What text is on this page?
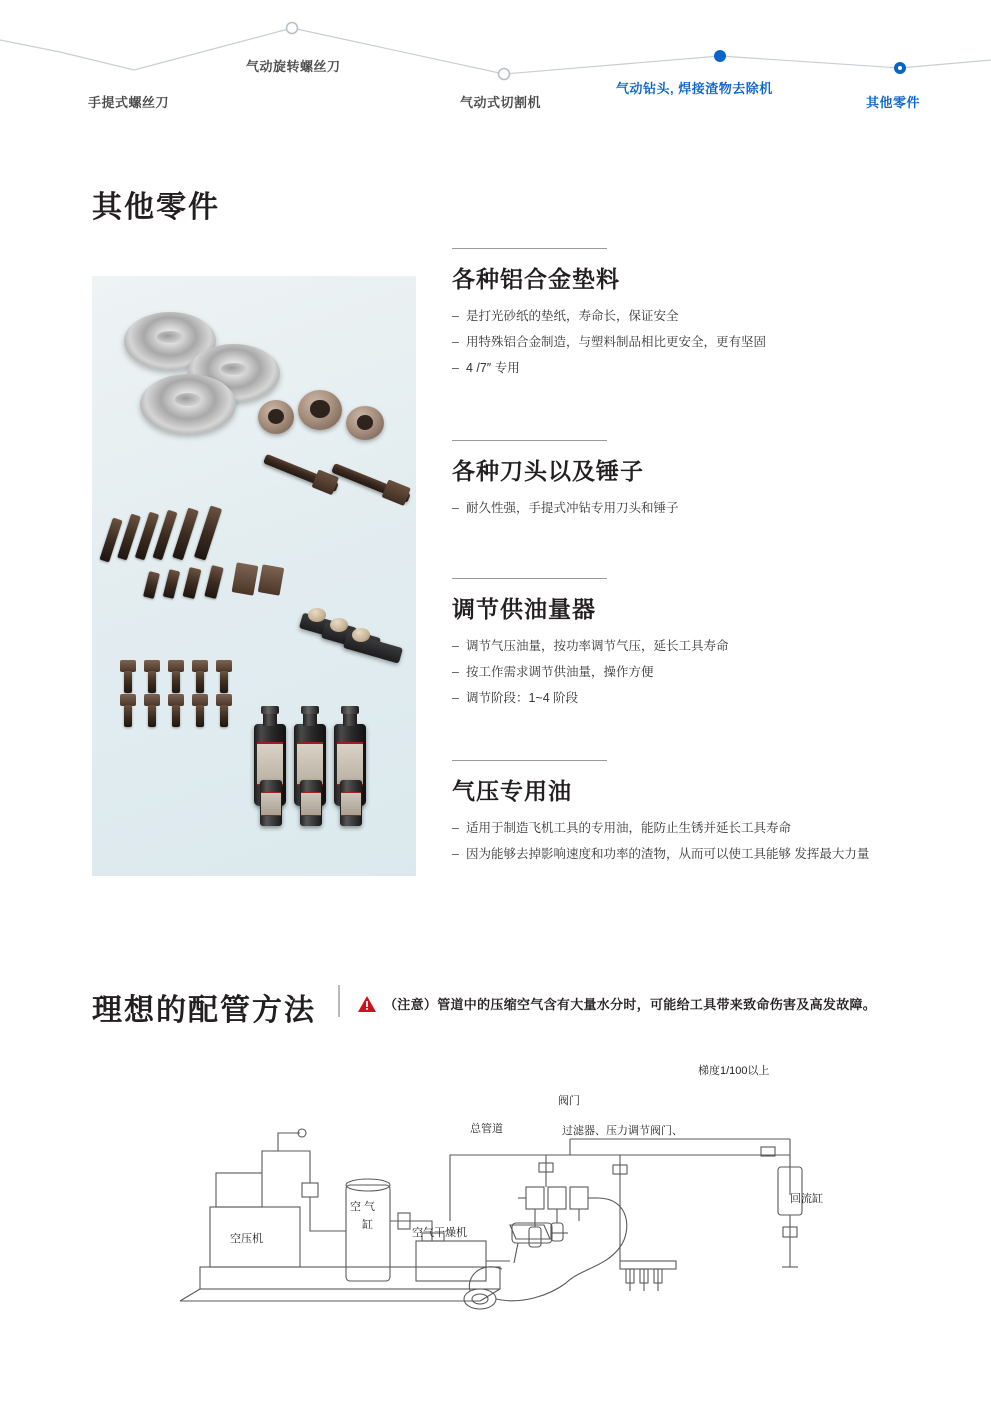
手提式螺丝刀
气动旋转螺丝刀
气动式切割机
气动钻头, 焊接渣物去除机
其他零件
其他零件
各种铝合金垫料
– 是打光砂纸的垫纸，寿命长，保证安全
– 用特殊铝合金制造，与塑料制品相比更安全，更有坚固
– 4 /7″ 专用
各种刀头以及锤子
– 耐久性强，手提式冲钻专用刀头和锤子
调节供油量器
– 调节气压油量，按功率调节气压，延长工具寿命
– 按工作需求调节供油量，操作方便
– 调节阶段：1~4 阶段
气压专用油
– 适用于制造飞机工具的专用油，能防止生锈并延长工具寿命
– 因为能够去掉影响速度和功率的渣物，从而可以使工具能够 发挥最大力量
理想的配管方法	（注意）管道中的压缩空气含有大量水分时，可能给工具带来致命伤害及高发故障。
梯度1/100以上
总管道
阀门
过滤器、压力调节阀门、
回流缸
空压机
空 气
缸
空气干燥机
